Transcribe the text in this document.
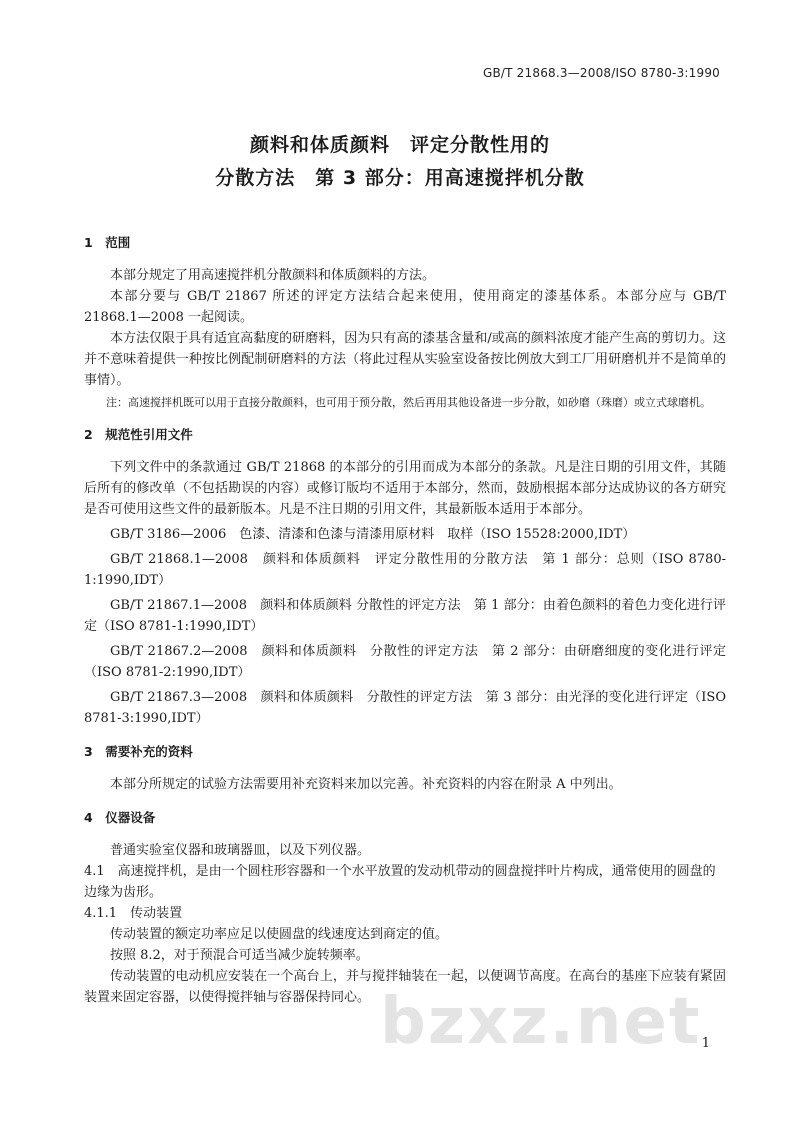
GB/T 21868.3—2008/ISO 8780-3:1990
颜料和体质颜料　评定分散性用的
分散方法　第 3 部分：用高速搅拌机分散

1　范围

本部分规定了用高速搅拌机分散颜料和体质颜料的方法。

本部分要与 GB/T 21867 所述的评定方法结合起来使用，使用商定的漆基体系。本部分应与 GB/T 21868.1—2008 一起阅读。

本方法仅限于具有适宜高黏度的研磨料，因为只有高的漆基含量和/或高的颜料浓度才能产生高的剪切力。这并不意味着提供一种按比例配制研磨料的方法（将此过程从实验室设备按比例放大到工厂用研磨机并不是简单的事情）。

注：高速搅拌机既可以用于直接分散颜料，也可用于预分散，然后再用其他设备进一步分散，如砂磨（珠磨）或立式球磨机。

2　规范性引用文件

下列文件中的条款通过 GB/T 21868 的本部分的引用而成为本部分的条款。凡是注日期的引用文件，其随后所有的修改单（不包括勘误的内容）或修订版均不适用于本部分，然而，鼓励根据本部分达成协议的各方研究是否可使用这些文件的最新版本。凡是不注日期的引用文件，其最新版本适用于本部分。

GB/T 3186—2006　色漆、清漆和色漆与清漆用原材料　取样（ISO 15528:2000,IDT）

GB/T 21868.1—2008　颜料和体质颜料　评定分散性用的分散方法　第 1 部分：总则（ISO 8780-1:1990,IDT）

GB/T 21867.1—2008　颜料和体质颜料 分散性的评定方法　第 1 部分：由着色颜料的着色力变化进行评定（ISO 8781-1:1990,IDT）

GB/T 21867.2—2008　颜料和体质颜料　分散性的评定方法　第 2 部分：由研磨细度的变化进行评定（ISO 8781-2:1990,IDT）

GB/T 21867.3—2008　颜料和体质颜料　分散性的评定方法　第 3 部分：由光泽的变化进行评定（ISO 8781-3:1990,IDT）

3　需要补充的资料

本部分所规定的试验方法需要用补充资料来加以完善。补充资料的内容在附录 A 中列出。

4　仪器设备

普通实验室仪器和玻璃器皿，以及下列仪器。

4.1　高速搅拌机，是由一个圆柱形容器和一个水平放置的发动机带动的圆盘搅拌叶片构成，通常使用的圆盘的边缘为齿形。

4.1.1　传动装置

传动装置的额定功率应足以使圆盘的线速度达到商定的值。

按照 8.2，对于预混合可适当减少旋转频率。

传动装置的电动机应安装在一个高台上，并与搅拌轴装在一起，以便调节高度。在高台的基座下应装有紧固装置来固定容器，以使得搅拌轴与容器保持同心。 bzxz.net 1
